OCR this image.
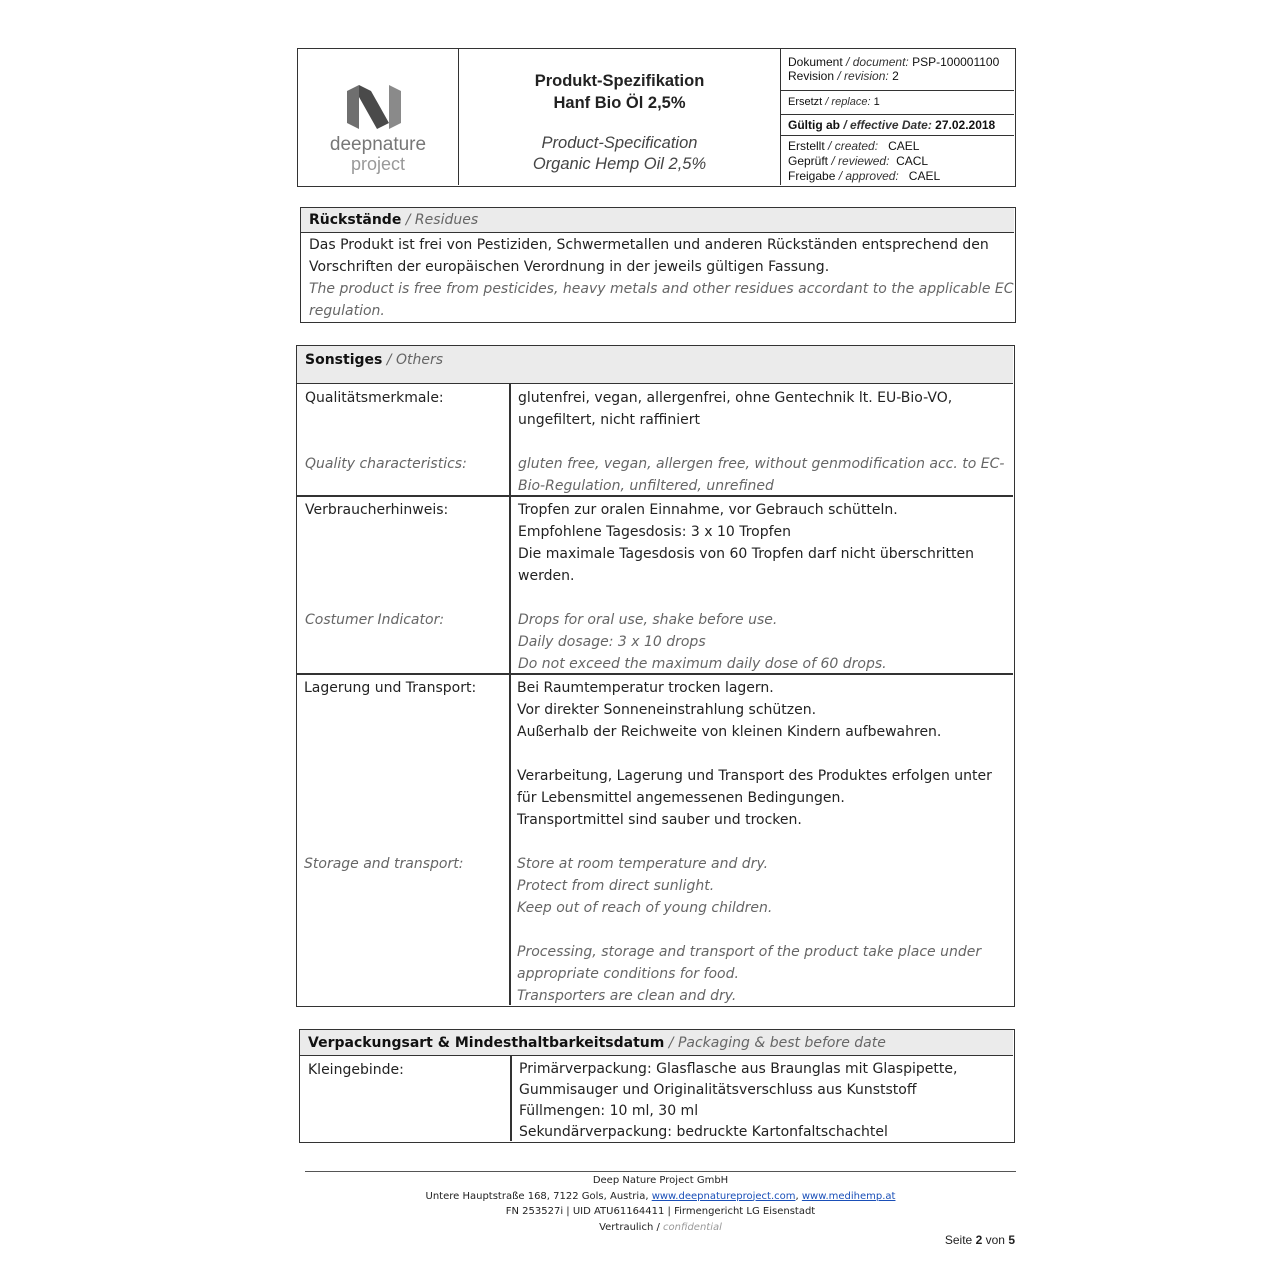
deepnature
project
Produkt-Spezifikation
Hanf Bio Öl 2,5%
Product-Specification
Organic Hemp Oil 2,5%
Dokument / document: PSP-100001100
Revision / revision: 2
Ersetzt / replace: 1
Gültig ab / effective Date: 27.02.2018
Erstellt / created: CAEL
Geprüft / reviewed: CACL
Freigabe / approved: CAEL
Rückstände / Residues
Das Produkt ist frei von Pestiziden, Schwermetallen und anderen Rückständen entsprechend den
Vorschriften der europäischen Verordnung in der jeweils gültigen Fassung.
The product is free from pesticides, heavy metals and other residues accordant to the applicable EC
regulation.
Sonstiges / Others
Qualitätsmerkmale:
Quality characteristics:
glutenfrei, vegan, allergenfrei, ohne Gentechnik lt. EU-Bio-VO,
ungefiltert, nicht raffiniert
gluten free, vegan, allergen free, without genmodification acc. to EC-
Bio-Regulation, unfiltered, unrefined
Verbraucherhinweis:
Costumer Indicator:
Tropfen zur oralen Einnahme, vor Gebrauch schütteln.
Empfohlene Tagesdosis: 3 x 10 Tropfen
Die maximale Tagesdosis von 60 Tropfen darf nicht überschritten
werden.
Drops for oral use, shake before use.
Daily dosage: 3 x 10 drops
Do not exceed the maximum daily dose of 60 drops.
Lagerung und Transport:
Storage and transport:
Bei Raumtemperatur trocken lagern.
Vor direkter Sonneneinstrahlung schützen.
Außerhalb der Reichweite von kleinen Kindern aufbewahren.
Verarbeitung, Lagerung und Transport des Produktes erfolgen unter
für Lebensmittel angemessenen Bedingungen.
Transportmittel sind sauber und trocken.
Store at room temperature and dry.
Protect from direct sunlight.
Keep out of reach of young children.
Processing, storage and transport of the product take place under
appropriate conditions for food.
Transporters are clean and dry.
Verpackungsart & Mindesthaltbarkeitsdatum / Packaging & best before date
Kleingebinde:	Primärverpackung: Glasflasche aus Braunglas mit Glaspipette,
Gummisauger und Originalitätsverschluss aus Kunststoff
Füllmengen: 10 ml, 30 ml
Sekundärverpackung: bedruckte Kartonfaltschachtel
Deep Nature Project GmbH
Untere Hauptstraße 168, 7122 Gols, Austria, www.deepnatureproject.com, www.medihemp.at
FN 253527i | UID ATU61164411 | Firmengericht LG Eisenstadt
Vertraulich / confidential
Seite 2 von 5
